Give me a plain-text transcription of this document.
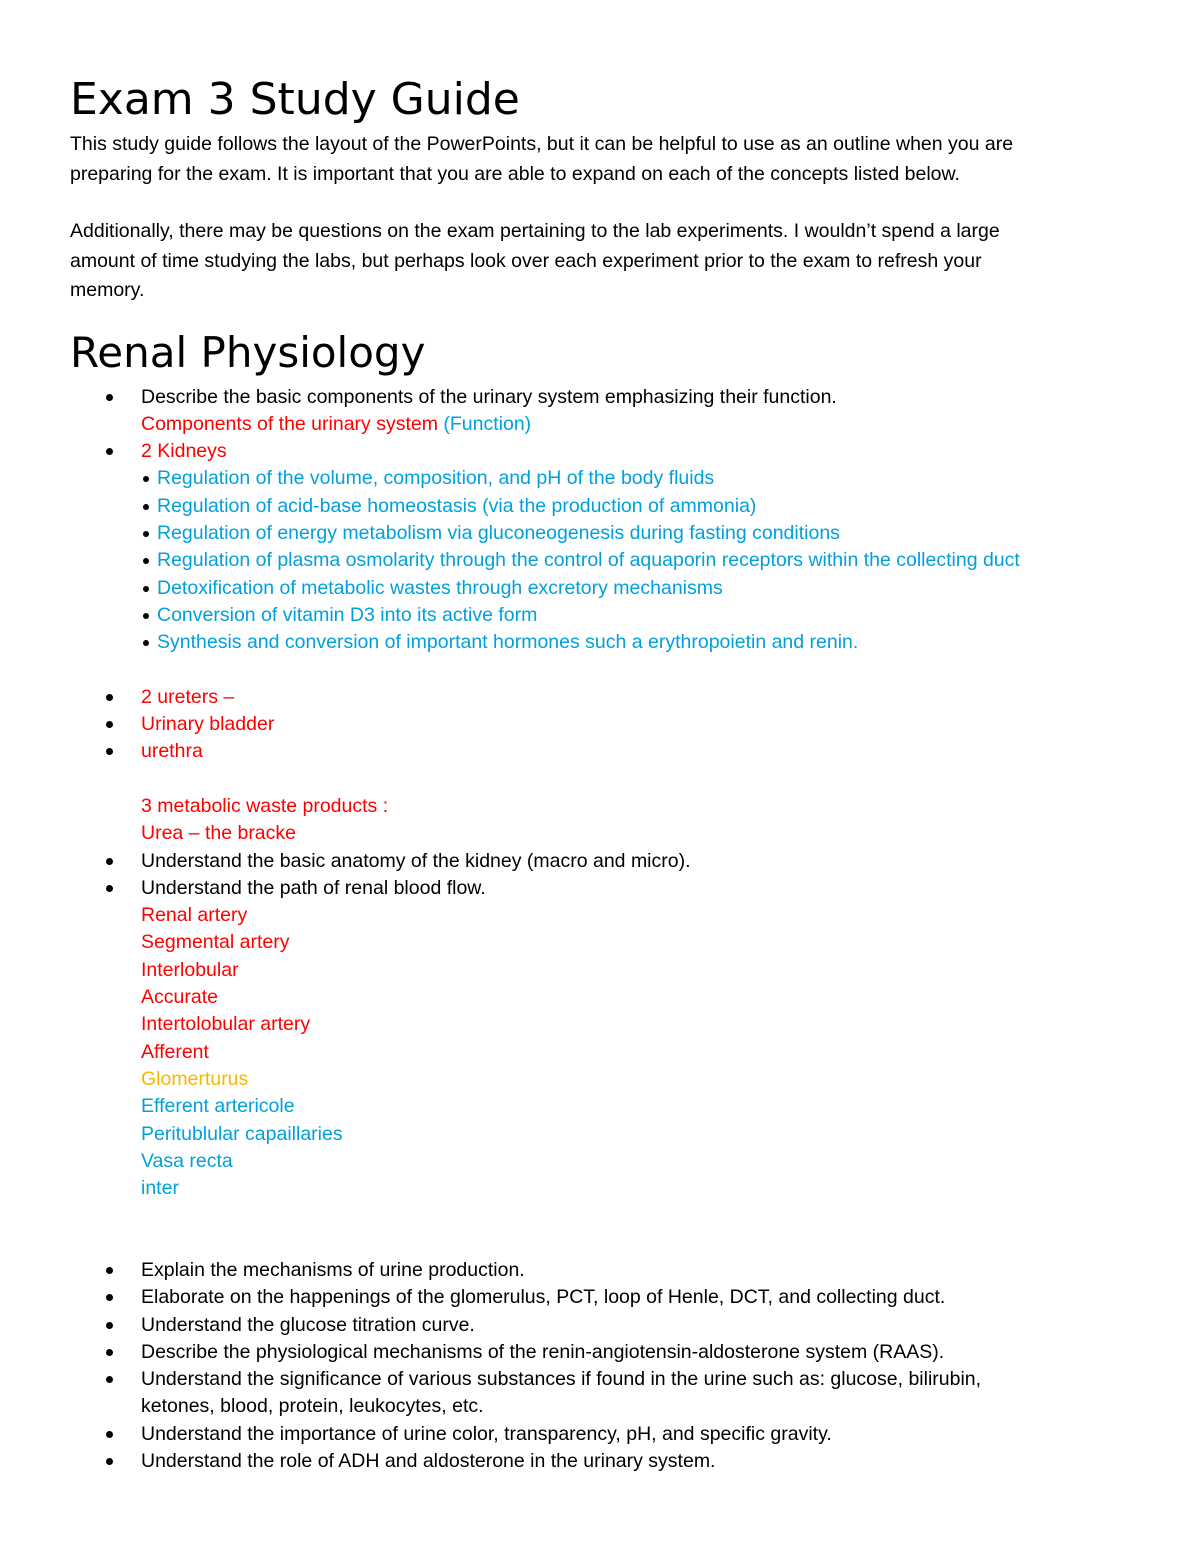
Exam 3 Study Guide

This study guide follows the layout of the PowerPoints, but it can be helpful to use as an outline when you are

preparing for the exam. It is important that you are able to expand on each of the concepts listed below.

Additionally, there may be questions on the exam pertaining to the lab experiments. I wouldn’t spend a large

amount of time studying the labs, but perhaps look over each experiment prior to the exam to refresh your

memory.

Renal Physiology
Describe the basic components of the urinary system emphasizing their function.
Components of the urinary system (Function)
2 Kidneys
Regulation of the volume, composition, and pH of the body fluids
Regulation of acid-base homeostasis (via the production of ammonia)
Regulation of energy metabolism via gluconeogenesis during fasting conditions
Regulation of plasma osmolarity through the control of aquaporin receptors within the collecting duct
Detoxification of metabolic wastes through excretory mechanisms
Conversion of vitamin D3 into its active form
Synthesis and conversion of important hormones such a erythropoietin and renin.
2 ureters –
Urinary bladder
urethra
3 metabolic waste products :
Urea – the bracke
Understand the basic anatomy of the kidney (macro and micro).
Understand the path of renal blood flow.
Renal artery
Segmental artery
Interlobular
Accurate
Intertolobular artery
Afferent
Glomerturus
Efferent artericole
Peritublular capaillaries
Vasa recta
inter
Explain the mechanisms of urine production.
Elaborate on the happenings of the glomerulus, PCT, loop of Henle, DCT, and collecting duct.
Understand the glucose titration curve.
Describe the physiological mechanisms of the renin-angiotensin-aldosterone system (RAAS).
Understand the significance of various substances if found in the urine such as: glucose, bilirubin,
ketones, blood, protein, leukocytes, etc.
Understand the importance of urine color, transparency, pH, and specific gravity.
Understand the role of ADH and aldosterone in the urinary system.
